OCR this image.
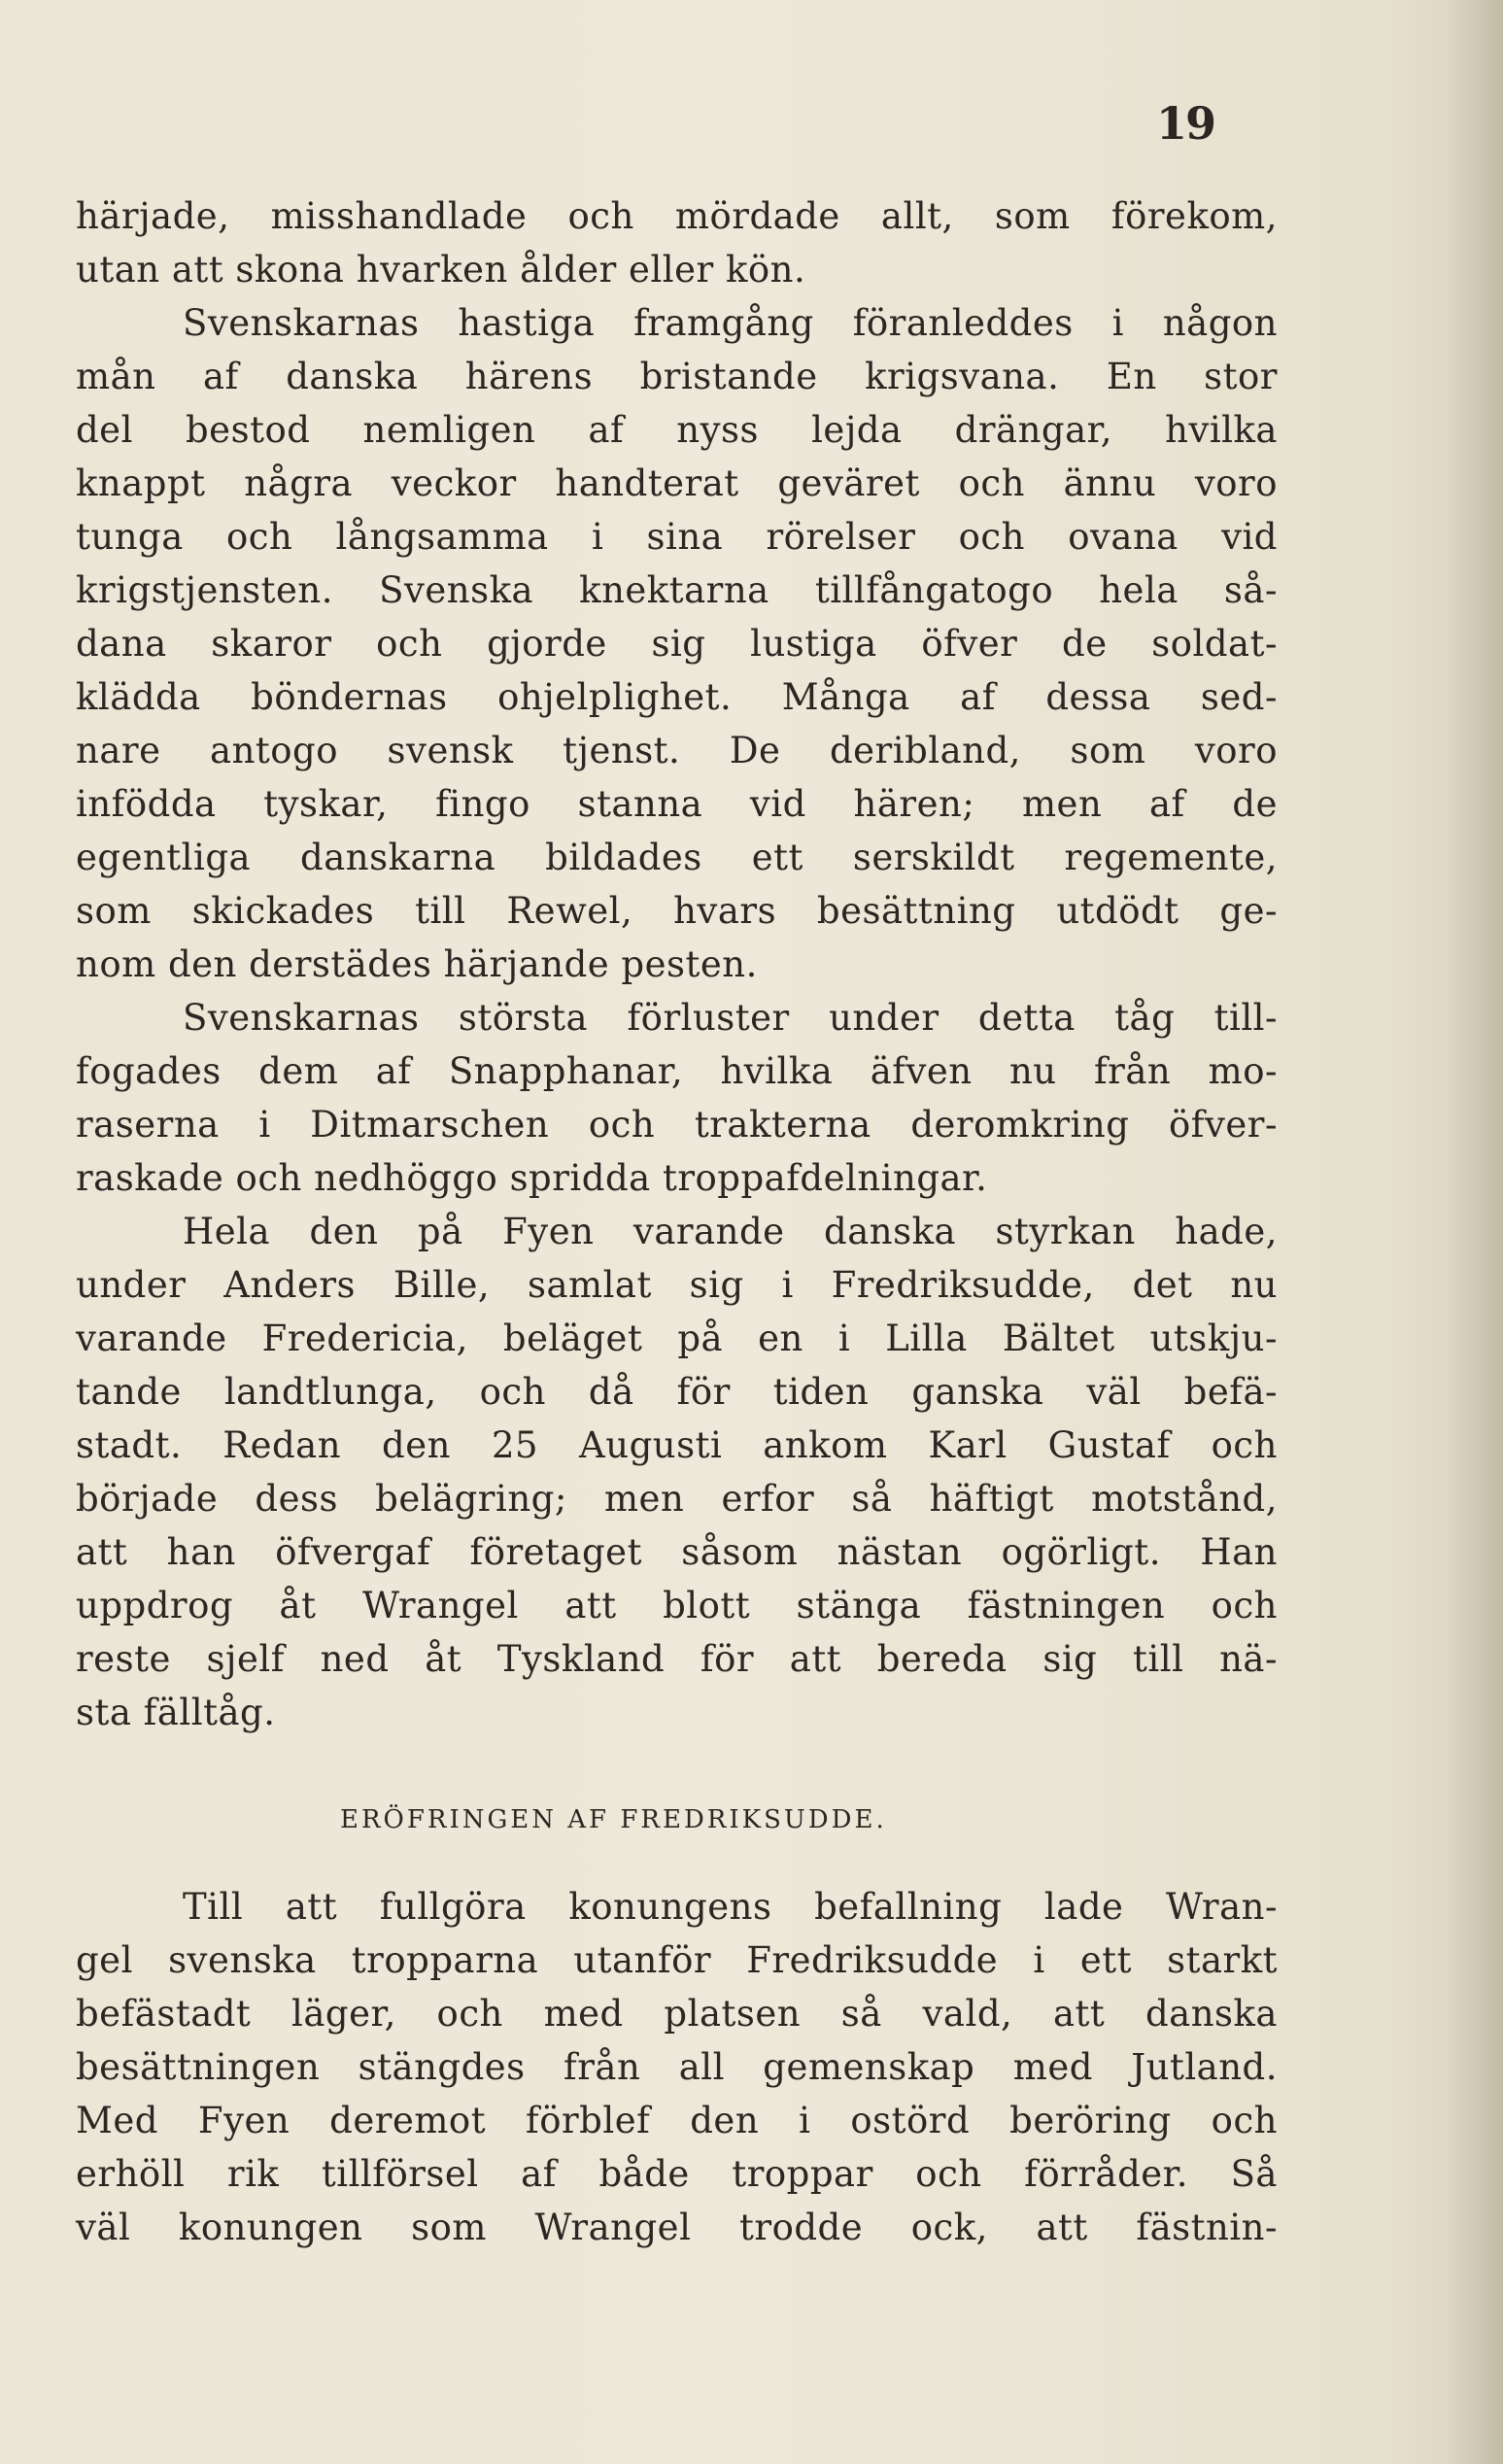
19
härjade, misshandlade och mördade allt, som förekom,
utan att skona hvarken ålder eller kön.
Svenskarnas hastiga framgång föranleddes i någon
mån af danska härens bristande krigsvana. En stor
del bestod nemligen af nyss lejda drängar, hvilka
knappt några veckor handterat geväret och ännu voro
tunga och långsamma i sina rörelser och ovana vid
krigstjensten. Svenska knektarna tillfångatogo hela så-
dana skaror och gjorde sig lustiga öfver de soldat-
klädda böndernas ohjelplighet. Många af dessa sed-
nare antogo svensk tjenst. De deribland, som voro
infödda tyskar, fingo stanna vid hären; men af de
egentliga danskarna bildades ett serskildt regemente,
som skickades till Rewel, hvars besättning utdödt ge-
nom den derstädes härjande pesten.
Svenskarnas största förluster under detta tåg till-
fogades dem af Snapphanar, hvilka äfven nu från mo-
raserna i Ditmarschen och trakterna deromkring öfver-
raskade och nedhöggo spridda troppafdelningar.
Hela den på Fyen varande danska styrkan hade,
under Anders Bille, samlat sig i Fredriksudde, det nu
varande Fredericia, beläget på en i Lilla Bältet utskju-
tande landtlunga, och då för tiden ganska väl befä-
stadt. Redan den 25 Augusti ankom Karl Gustaf och
började dess belägring; men erfor så häftigt motstånd,
att han öfvergaf företaget såsom nästan ogörligt. Han
uppdrog åt Wrangel att blott stänga fästningen och
reste sjelf ned åt Tyskland för att bereda sig till nä-
sta fälltåg.
ERÖFRINGEN AF FREDRIKSUDDE.
Till att fullgöra konungens befallning lade Wran-
gel svenska tropparna utanför Fredriksudde i ett starkt
befästadt läger, och med platsen så vald, att danska
besättningen stängdes från all gemenskap med Jutland.
Med Fyen deremot förblef den i ostörd beröring och
erhöll rik tillförsel af både troppar och förråder. Så
väl konungen som Wrangel trodde ock, att fästnin-
